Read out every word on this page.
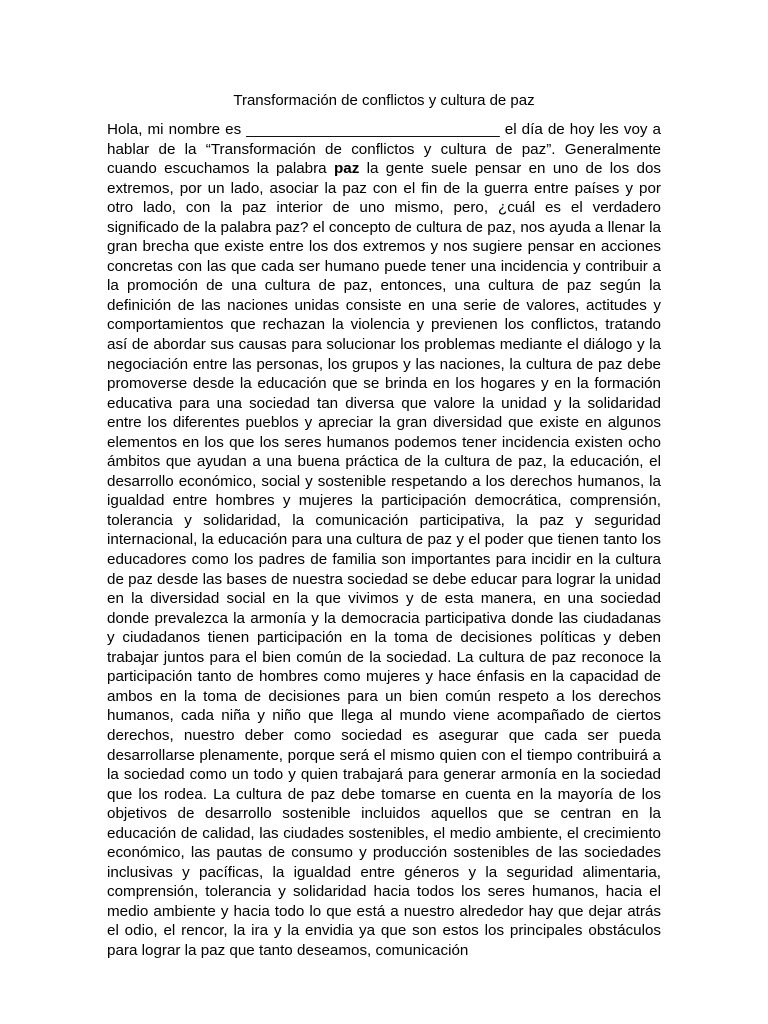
Transformación de conflictos y cultura de paz

Hola, mi nombre es ______________________________ el día de hoy les voy a hablar de la “Transformación de conflictos y cultura de paz”. Generalmente cuando escuchamos la palabra paz la gente suele pensar en uno de los dos extremos, por un lado, asociar la paz con el fin de la guerra entre países y por otro lado, con la paz interior de uno mismo, pero, ¿cuál es el verdadero significado de la palabra paz? el concepto de cultura de paz, nos ayuda a llenar la gran brecha que existe entre los dos extremos y nos sugiere pensar en acciones concretas con las que cada ser humano puede tener una incidencia y contribuir a la promoción de una cultura de paz, entonces, una cultura de paz según la definición de las naciones unidas consiste en una serie de valores, actitudes y comportamientos que rechazan la violencia y previenen los conflictos, tratando así de abordar sus causas para solucionar los problemas mediante el diálogo y la negociación entre las personas, los grupos y las naciones, la cultura de paz debe promoverse desde la educación que se brinda en los hogares y en la formación educativa para una sociedad tan diversa que valore la unidad y la solidaridad entre los diferentes pueblos y apreciar la gran diversidad que existe en algunos elementos en los que los seres humanos podemos tener incidencia existen ocho ámbitos que ayudan a una buena práctica de la cultura de paz, la educación, el desarrollo económico, social y sostenible respetando a los derechos humanos, la igualdad entre hombres y mujeres la participación democrática, comprensión, tolerancia y solidaridad, la comunicación participativa, la paz y seguridad internacional, la educación para una cultura de paz y el poder que tienen tanto los educadores como los padres de familia son importantes para incidir en la cultura de paz desde las bases de nuestra sociedad se debe educar para lograr la unidad en la diversidad social en la que vivimos y de esta manera, en una sociedad donde prevalezca la armonía y la democracia participativa donde las ciudadanas y ciudadanos tienen participación en la toma de decisiones políticas y deben trabajar juntos para el bien común de la sociedad. La cultura de paz reconoce la participación tanto de hombres como mujeres y hace énfasis en la capacidad de ambos en la toma de decisiones para un bien común respeto a los derechos humanos, cada niña y niño que llega al mundo viene acompañado de ciertos derechos, nuestro deber como sociedad es asegurar que cada ser pueda desarrollarse plenamente, porque será el mismo quien con el tiempo contribuirá a la sociedad como un todo y quien trabajará para generar armonía en la sociedad que los rodea. La cultura de paz debe tomarse en cuenta en la mayoría de los objetivos de desarrollo sostenible incluidos aquellos que se centran en la educación de calidad, las ciudades sostenibles, el medio ambiente, el crecimiento económico, las pautas de consumo y producción sostenibles de las sociedades inclusivas y pacíficas, la igualdad entre géneros y la seguridad alimentaria, comprensión, tolerancia y solidaridad hacia todos los seres humanos, hacia el medio ambiente y hacia todo lo que está a nuestro alrededor hay que dejar atrás el odio, el rencor, la ira y la envidia ya que son estos los principales obstáculos para lograr la paz que tanto deseamos, comunicación
